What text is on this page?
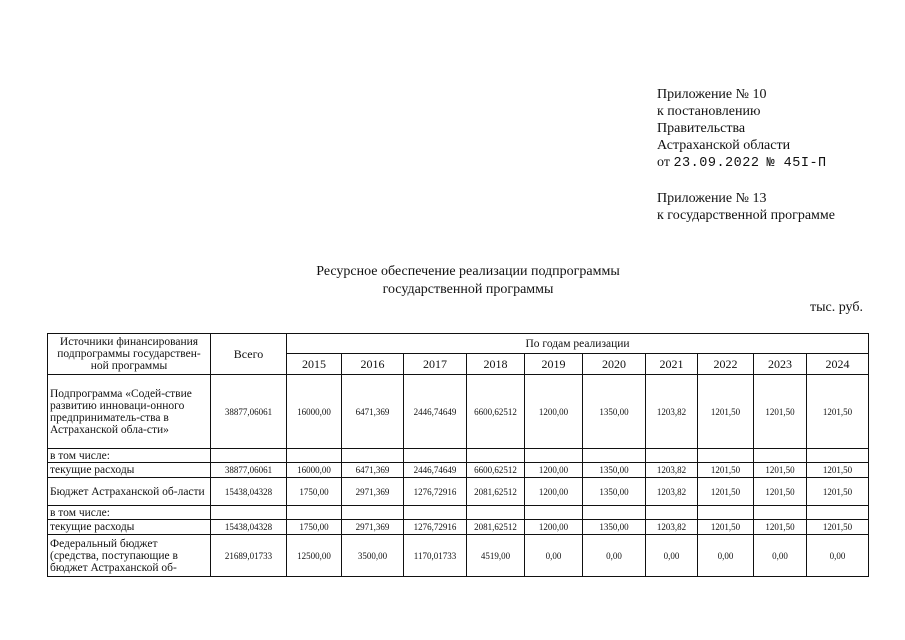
Приложение № 10
к постановлению
Правительства
Астраханской области
от 23.09.2022 № 45I-П
Приложение № 13
к государственной программе
Ресурсное обеспечение реализации подпрограммы
государственной программы
тыс. руб.
Источники финансирования подпрограммы государствен-ной программы	Всего	По годам реализации									
		2015	2016	2017	2018	2019	2020	2021	2022	2023	2024
Подпрограмма «Содей-ствие развитию инноваци-онного предприниматель-ства в Астраханской обла-сти»	38877,06061	16000,00	6471,369	2446,74649	6600,62512	1200,00	1350,00	1203,82	1201,50	1201,50	1201,50
в том числе:											
текущие расходы	38877,06061	16000,00	6471,369	2446,74649	6600,62512	1200,00	1350,00	1203,82	1201,50	1201,50	1201,50
Бюджет Астраханской об-ласти	15438,04328	1750,00	2971,369	1276,72916	2081,62512	1200,00	1350,00	1203,82	1201,50	1201,50	1201,50
в том числе:											
текущие расходы	15438,04328	1750,00	2971,369	1276,72916	2081,62512	1200,00	1350,00	1203,82	1201,50	1201,50	1201,50
Федеральный бюджет (средства, поступающие в бюджет Астраханской об-	21689,01733	12500,00	3500,00	1170,01733	4519,00	0,00	0,00	0,00	0,00	0,00	0,00
